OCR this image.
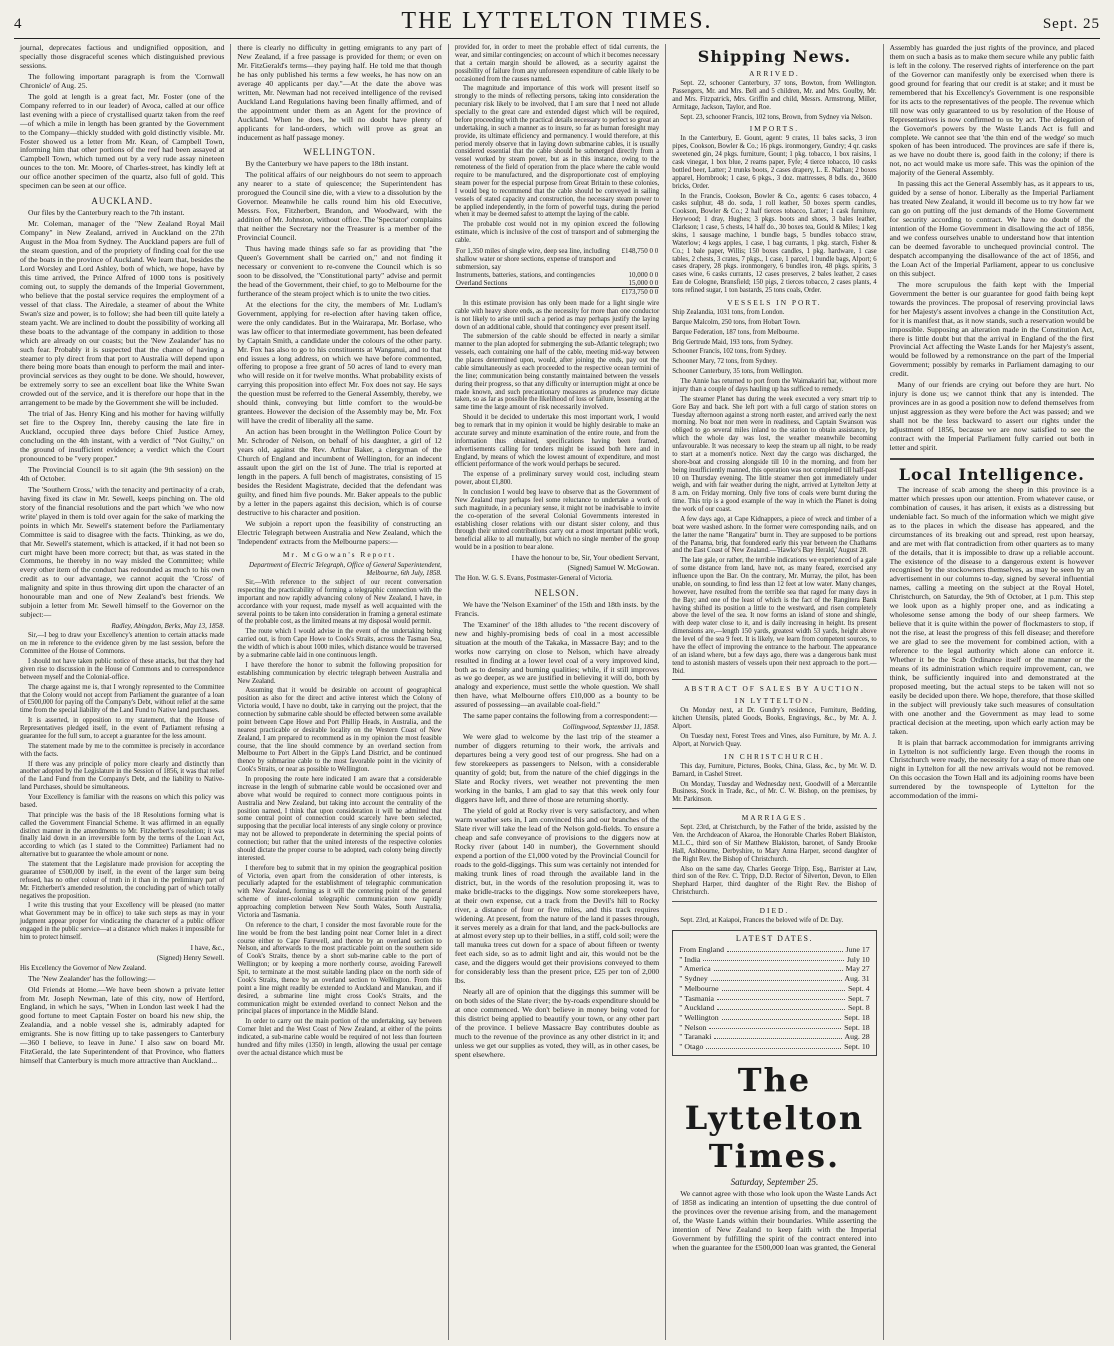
4	THE LYTTELTON TIMES.	Sept. 25

journal, deprecates factious and undignified opposition, and specially those disgraceful scenes which distinguished previous sessions.

The following important paragraph is from the 'Cornwall Chronicle' of Aug. 25.

The gold at length is a great fact, Mr. Foster (one of the Company referred to in our leader) of Avoca, called at our office last evening with a piece of crystallised quartz taken from the reef—of which a mile in length has been granted by the Government to the Company—thickly studded with gold distinctly visible. Mr. Foster showed us a letter from Mr. Kean, of Campbell Town, informing him that other portions of the reef had been assayed at Campbell Town, which turned out by a very rude assay nineteen ounces to the ton. Mr. Moore, of Charles-street, has kindly left at our office another specimen of the quartz, also full of gold. This specimen can be seen at our office.

AUCKLAND.

Our files by the Canterbury reach to the 7th instant.

Mr. Coleman, manager of the "New Zealand Royal Mail Company" in New Zealand, arrived in Auckland on the 27th August in the Moa from Sydney. The Auckland papers are full of the steam question, and of the propriety of finding coal for the use of the boats in the province of Auckland. We learn that, besides the Lord Worsley and Lord Ashley, both of which, we hope, have by this time arrived, the Prince Alfred of 1000 tons is positively coming out, to supply the demands of the Imperial Government, who believe that the postal service requires the employment of a vessel of that class. The Airedale, a steamer of about the White Swan's size and power, is to follow; she had been till quite lately a steam yacht. We are inclined to doubt the possibility of working all these boats to the advantage of the company in addition to those which are already on our coasts; but the 'New Zealander' has no such fear. Probably it is suspected that the chance of having a steamer to ply direct from that port to Australia will depend upon there being more boats than enough to perform the mail and inter-provincial services as they ought to be done. We should, however, be extremely sorry to see an excellent boat like the White Swan crowded out of the service, and it is therefore our hope that in the arrangement to be made by the Government she will be included.

The trial of Jas. Henry King and his mother for having wilfully set fire to the Osprey Inn, thereby causing the late fire in Auckland, occupied three days before Chief Justice Arney, concluding on the 4th instant, with a verdict of "Not Guilty," on the ground of insufficient evidence; a verdict which the Court pronounced to be "very proper."

The Provincial Council is to sit again (the 9th session) on the 4th of October.

The 'Southern Cross,' with the tenacity and pertinacity of a crab, having fixed its claw in Mr. Sewell, keeps pinching on. The old story of the financial resolutions and the part which 'we who now write' played in them is told over again for the sake of marking the points in which Mr. Sewell's statement before the Parliamentary Committee is said to disagree with the facts. Thinking, as we do, that Mr. Sewell's statement, which is attacked, if it had not been so curt might have been more correct; but that, as was stated in the Commons, he thereby in no way misled the Committee; while every other item of the conduct has redounded as much to his own credit as to our advantage, we cannot acquit the 'Cross' of malignity and spite in thus throwing dirt upon the character of an honourable man and one of New Zealand's best friends. We subjoin a letter from Mr. Sewell himself to the Governor on the subject:—

Radley, Abingdon, Berks, May 13, 1858.

Sir,—I beg to draw your Excellency's attention to certain attacks made on me in reference to the evidence given by me last session, before the Committee of the House of Commons.

I should not have taken public notice of these attacks, but that they had given rise to discussion in the House of Commons and to correspondence between myself and the Colonial-office.

The charge against me is, that I wrongly represented to the Committee that the Colony would not accept from Parliament the guarantee of a loan of £500,000 for paying off the Company's Debt, without relief at the same time from the special liability of the Land Fund to Native land purchases.

It is asserted, in opposition to my statement, that the House of Representatives pledged itself, in the event of Parliament refusing a guarantee for the full sum, to accept a guarantee for the less amount.

The statement made by me to the committee is precisely in accordance with the facts.

If there was any principle of policy more clearly and distinctly than another adopted by the Legislature in the Session of 1856, it was that relief of the Land Fund from the Company's Debt, and the liability to Native-land Purchases, should be simultaneous.

Your Excellency is familiar with the reasons on which this policy was based.

That principle was the basis of the 18 Resolutions forming what is called the Government Financial Scheme. It was affirmed in an equally distinct manner in the amendments to Mr. Fitzherbert's resolution; it was finally laid down in an irreversible form by the terms of the Loan Act, according to which (as I stated to the Committee) Parliament had no alternative but to guarantee the whole amount or none.

The statement that the Legislature made provision for accepting the guarantee of £500,000 by itself, in the event of the larger sum being refused, has no other colour of truth in it than in the preliminary part of Mr. Fitzherbert's amended resolution, the concluding part of which totally negatives the proposition.

I write this trusting that your Excellency will be pleased (no matter what Government may be in office) to take such steps as may in your judgment appear proper for vindicating the character of a public officer engaged in the public service—at a distance which makes it impossible for him to protect himself.

I have, &c.,

(Signed) Henry Sewell.

His Excellency the Governor of New Zealand.

The 'New Zealander' has the following:—

Old Friends at Home.—We have been shown a private letter from Mr. Joseph Newman, late of this city, now of Hertford, England, in which he says, "When in London last week I had the good fortune to meet Captain Foster on board his new ship, the Zealandia, and a noble vessel she is, admirably adapted for emigrants. She is now fitting up to take passengers to Canterbury—360 I believe, to leave in June.' I also saw on board Mr. FitzGerald, the late Superintendent of that Province, who flatters himself that Canterbury is much more attractive than Auckland...

there is clearly no difficulty in getting emigrants to any part of New Zealand, if a free passage is provided for them; or even on Mr. FitzGerald's terms—they paying half. He told me that though he has only published his terms a few weeks, he has now on an average 40 applicants per day."—At the date the above was written, Mr. Newman had not received intelligence of the revised Auckland Land Regulations having been finally affirmed, and of the appointment under them as an Agent for the province of Auckland. When he does, he will no doubt have plenty of applicants for land-orders, which will prove as great an inducement as half passage money.

WELLINGTON.

By the Canterbury we have papers to the 18th instant.

The political affairs of our neighbours do not seem to approach any nearer to a state of quiescence; the Superintendent has prorogued the Council sine die, with a view to a dissolution by the Governor. Meanwhile he calls round him his old Executive, Messrs. Fox, Fitzherbert, Brandon, and Woodward, with the addition of Mr. Johnston, without office. The 'Spectator' complains that neither the Secretary nor the Treasurer is a member of the Provincial Council.

Thus having made things safe so far as providing that "the Queen's Government shall be carried on," and not finding it necessary or convenient to re-convene the Council which is so soon to be dissolved, the "Constitutional party" advise and permit the head of the Government, their chief, to go to Melbourne for the furtherance of the steam project which is to unite the two cities.

At the elections for the city, the members of Mr. Ludlam's Government, applying for re-election after having taken office, were the only candidates. But in the Wairarapa, Mr. Borlase, who was law officer to that intermediate government, has been defeated by Captain Smith, a candidate under the colours of the other party. Mr. Fox has also to go to his constituents at Wanganui, and to that end issues a long address, on which we have before commented, offering to propose a free grant of 50 acres of land to every man who will reside on it for twelve months. What probability exists of carrying this proposition into effect Mr. Fox does not say. He says the question must be referred to the General Assembly, thereby, we should think, conveying but little comfort to the would-be grantees. However the decision of the Assembly may be, Mr. Fox will have the credit of liberality all the same.

An action has been brought in the Wellington Police Court by Mr. Schroder of Nelson, on behalf of his daughter, a girl of 12 years old, against the Rev. Arthur Baker, a clergyman of the Church of England and incumbent of Wellington, for an indecent assault upon the girl on the 1st of June. The trial is reported at length in the papers. A full bench of magistrates, consisting of 15 besides the Resident Magistrate, decided that the defendant was guilty, and fined him five pounds. Mr. Baker appeals to the public by a letter in the papers against this decision, which is of course destructive to his character and position.

We subjoin a report upon the feasibility of constructing an Electric Telegraph between Australia and New Zealand, which the 'Independent' extracts from the Melbourne papers:—

Mr. McGowan's Report.

Department of Electric Telegraph, Office of General Superintendent, Melbourne, 6th July, 1858.

Sir,—With reference to the subject of our recent conversation respecting the practicability of forming a telegraphic connection with the important and now rapidly advancing colony of New Zealand, I have, in accordance with your request, made myself as well acquainted with the several points to be taken into consideration in framing a general estimate of the probable cost, as the limited means at my disposal would permit.

The route which I would advise in the event of the undertaking being carried out, is from Cape Howe to Cook's Straits, across the Tasman Sea, the width of which is about 1000 miles, which distance would be traversed by a submarine cable laid in one continuous length.

I have therefore the honor to submit the following proposition for establishing communication by electric telegraph between Australia and New Zealand.

Assuming that it would be desirable on account of geographical position as also for the direct and active interest which the Colony of Victoria would, I have no doubt, take in carrying out the project, that the connection by submarine cable should be effected between some available point between Cape Howe and Port Phillip Heads, in Australia, and the nearest practicable or desirable locality on the Western Coast of New Zealand, I am prepared to recommend as in my opinion the most feasible course, that the line should commence by an overland section from Melbourne to Port Albert in the Gipp's Land District, and be continued thence by submarine cable to the most favorable point in the vicinity of Cook's Straits, or near as possible to Wellington.

In proposing the route here indicated I am aware that a considerable increase in the length of submarine cable would be occasioned over and above what would be required to connect more contiguous points in Australia and New Zealand, but taking into account the centrality of the position named, I think that upon consideration it will be admitted that some central point of connection could scarcely have been selected, supposing that the peculiar local interests of any single colony or province may not be allowed to preponderate in determining the special points of connection; but rather that the united interests of the respective colonies should dictate the proper course to be adopted, each colony being directly interested.

I therefore beg to submit that in my opinion the geographical position of Victoria, even apart from the consideration of other interests, is peculiarly adapted for the establishment of telegraphic communication with New Zealand, forming as it will the centering point of the general scheme of inter-colonial telegraphic communication now rapidly approaching completion between New South Wales, South Australia, Victoria and Tasmania.

On reference to the chart, I consider the most favorable route for the line would be from the best landing point near Corner Inlet in a direct course either to Cape Farewell, and thence by an overland section to Nelson, and afterwards to the most practicable point on the southern side of Cook's Straits, thence by a short sub-marine cable to the port of Wellington; or by keeping a more northerly course, avoiding Farewell Spit, to terminate at the most suitable landing place on the north side of Cook's Straits, thence by an overland section to Wellington. From this point a line might readily be extended to Auckland and Manukau, and if desired, a submarine line might cross Cook's Straits, and the communication might be extended overland to connect Nelson and the principal places of importance in the Middle Island.

In order to carry out the main portion of the undertaking, say between Corner Inlet and the West Coast of New Zealand, at either of the points indicated, a sub-marine cable would be required of not less than fourteen hundred and fifty miles (1350) in length, allowing the usual per centage over the actual distance which must be

provided for, in order to meet the probable effect of tidal currents, the wear, and similar contingencies; on account of which it becomes necessary that a certain margin should be allowed, as a security against the possibility of failure from any unforeseen expenditure of cable likely to be occasioned from the causes named.

The magnitude and importance of this work will present itself so strongly to the minds of reflecting persons, taking into consideration the pecuniary risk likely to be involved, that I am sure that I need not allude specially to the great care and extended digest which will be required, before proceeding with the practical details necessary to perfect so great an undertaking, in such a manner as to insure, so far as human foresight may provide, its ultimate efficiency and permanency. I would therefore, at this period merely observe that in laying down submarine cables, it is usually considered essential that the cable should be submerged directly from a vessel worked by steam power, but as in this instance, owing to the remoteness of the field of operation from the place where the cable would require to be manufactured, and the disproportionate cost of employing steam power for the especial purpose from Great Britain to these colonies, I would beg to recommend that the cable should be conveyed in sailing vessels of stated capacity and construction, the necessary steam power to be applied independently, in the form of powerful tugs, during the period when it may be deemed safest to attempt the laying of the cable.

The probable cost would not in my opinion exceed the following estimate, which is inclusive of the cost of transport and of submerging the cable.

For 1,350 miles of single wire, deep sea line, including shallow water or shore sections, expense of transport and submersion, say	£148,750 0 0
Instruments, batteries, stations, and contingencies	10,000 0 0
Overland Sections	15,000 0 0
	£173,750 0 0

In this estimate provision has only been made for a light single wire cable with heavy shore ends, as the necessity for more than one conductor is not likely to arise until such a period as may perhaps justify the laying down of an additional cable, should that contingency ever present itself.

The submersion of the cable should be effected in nearly a similar manner to the plan adopted for submerging the sub-Atlantic telegraph; two vessels, each containing one half of the cable, meeting mid-way between the places determined upon, would, after joining the ends, pay out the cable simultaneously as each proceeded to the respective ocean termini of the line; communication being constantly maintained between the vessels during their progress, so that any difficulty or interruption might at once be made known, and such precautionary measures as prudence may dictate taken, so as far as possible the likelihood of loss or failure, lessening at the same time the large amount of risk necessarily involved.

Should it be decided to undertake this most important work, I would beg to remark that in my opinion it would be highly desirable to make an accurate survey and minute examination of the entire route, and from the information thus obtained, specifications having been framed, advertisements calling for tenders might be issued both here and in England, by means of which the lowest amount of expenditure, and most efficient performance of the work would perhaps be secured.

The expense of a preliminary survey would cost, including steam power, about £1,800.

In conclusion I would beg leave to observe that as the Government of New Zealand may perhaps feel some reluctance to undertake a work of such magnitude, in a pecuniary sense, it might not be inadvisable to invite the co-operation of the several Colonial Governments interested in establishing closer relations with our distant sister colony, and thus through their united contributions carry out a most important public work, beneficial alike to all mutually, but which no single member of the group would be in a position to bear alone.

I have the honour to be, Sir, Your obedient Servant,

(Signed) Samuel W. McGowan.

The Hon. W. G. S. Evans, Postmaster-General of Victoria.

NELSON.

We have the 'Nelson Examiner' of the 15th and 18th insts. by the Francis.

The 'Examiner' of the 18th alludes to "the recent discovery of new and highly-promising beds of coal in a most accessible situation at the mouth of the Takaka, in Massacre Bay; and to the works now carrying on close to Nelson, which have already resulted in finding at a lower level coal of a very improved kind, both as to density and burning qualities; while, if it still improves as we go deeper, as we are justified in believing it will do, both by analogy and experience, must settle the whole question. We shall then have, what Melbourne offers £10,000 as a bounty to be assured of possessing—an available coal-field."

The same paper contains the following from a correspondent:—

Collingwood, September 11, 1858.

We were glad to welcome by the last trip of the steamer a number of diggers returning to their work, the arrivals and departures being a very good test of our progress. She had on a few storekeepers as passengers to Nelson, with a considerable quantity of gold; but, from the nature of the chief diggings in the Slate and Rocky rivers, wet weather not preventing the men working in the banks, I am glad to say that this week only four diggers have left, and three of those are returning shortly.

The yield of gold at Rocky river is very satisfactory, and when warm weather sets in, I am convinced this and our branches of the Slate river will take the lead of the Nelson gold-fields. To ensure a cheap and safe conveyance of provisions to the diggers now at Rocky river (about 140 in number), the Government should expend a portion of the £1,000 voted by the Provincial Council for roads to the gold-diggings. This sum was certainly not intended for making trunk lines of road through the available land in the district, but, in the words of the resolution proposing it, was to make bridle-tracks to the diggings. Now some storekeepers have, at their own expense, cut a track from the Devil's hill to Rocky river, a distance of four or five miles, and this track requires widening. At present, from the nature of the land it passes through, it serves merely as a drain for that land, and the pack-bullocks are at almost every step up to their bellies, in a stiff, cold soil; were the tall manuka trees cut down for a space of about fifteen or twenty feet each side, so as to admit light and air, this would not be the case, and the diggers would get their provisions conveyed to them for considerably less than the present price, £25 per ton of 2,000 lbs.

Nearly all are of opinion that the diggings this summer will be on both sides of the Slate river; the by-roads expenditure should be at once commenced. We don't believe in money being voted for this district being applied to beautify your town, or any other part of the province. I believe Massacre Bay contributes double as much to the revenue of the province as any other district in it; and unless we get our supplies as voted, they will, as in other cases, be spent elsewhere.

Shipping News.
ARRIVED.

Sept. 22, schooner Canterbury, 37 tons, Bowton, from Wellington. Passengers, Mr. and Mrs. Bell and 5 children, Mr. and Mrs. Goulby, Mr. and Mrs. Fitzpatrick, Mrs. Griffin and child, Messrs. Armstrong, Miller, Armitage, Jackson, Taylor, and Roe.

Sept. 23, schooner Francis, 102 tons, Brown, from Sydney via Nelson.

IMPORTS.

In the Canterbury, E. Gount, agent: 9 crates, 11 bales sacks, 3 iron pipes, Cookson, Bowler & Co.; 16 pkgs. ironmongery, Gundry; 4 qr. casks sweetened gin, 24 pkgs. furniture, Gount; 1 pkg. tobacco, 1 box raisins, 1 cask vinegar, 1 box blue, 2 reams paper, Fyfe; 4 tierce tobacco, 10 casks bottled beer, Latter; 2 trunks boots, 2 cases drapery, L. E. Nathan; 2 boxes apparel, Hornbrook; 1 case, 6 pkgs., 3 doz. mattresses, 8 bdls. do., 3600 bricks, Order.

In the Francis, Cookson, Bowler & Co., agents: 6 cases tobacco, 4 casks sulphur, 48 do. soda, 1 roll leather, 50 boxes sperm candles, Cookson, Bowler & Co.; 2 half tierces tobacco, Latter; 1 cask furniture, Heywood; 1 dray, Hughes; 3 pkgs. boots and shoes, 3 bales leather, Clarkson; 1 case, 5 chests, 14 half do., 30 boxes tea, Gould & Miles; 1 keg skins, 1 sausage machine, 1 bundle bags, 5 bundles tobacco straw, Waterlow; 4 kegs apples, 1 case, 1 bag currants, 1 pkg. starch, Fisher & Co.; 1 bale paper, Willis; 150 boxes candles, 1 pkg. hardware, 1 case tables, 2 chests, 3 crates, 7 pkgs., 1 case, 1 parcel, 1 bundle bags, Alport; 6 cases drapery, 28 pkgs. ironmongery, 6 bundles iron, 48 pkgs. spirits, 3 cases wine, 6 casks currants, 12 cases preserves, 2 bales leather, 2 cases Eau de Cologne, Bransfield; 150 pigs, 2 tierces tobacco, 2 cases plants, 4 tons refined sugar, 1 ton bastards, 25 tons coals, Order.

VESSELS IN PORT.

Ship Zealandia, 1031 tons, from London.

Barque Malcolm, 250 tons, from Hobart Town.

Barque Federation, 187 tons, from Melbourne.

Brig Gertrude Maid, 193 tons, from Sydney.

Schooner Francis, 102 tons, from Sydney.

Schooner Mary, 72 tons, from Sydney.

Schooner Canterbury, 35 tons, from Wellington.

The Annie has returned to port from the Waimakariri bar, without more injury than a couple of days hauling up has sufficed to remedy.

The steamer Planet has during the week executed a very smart trip to Gore Bay and back. She left port with a full cargo of station stores on Tuesday afternoon against a strong north easter, and arrived early the next morning. No boat nor men were in readiness, and Captain Swanson was obliged to go several miles inland to the station to obtain assistance, by which the whole day was lost, the weather meanwhile becoming unfavourable. It was necessary to keep the steam up all night, to be ready to start at a moment's notice. Next day the cargo was discharged, the shore-boat and crossing alongside till 10 in the morning, and from her being insufficiently manned, this operation was not completed till half-past 10 on Thursday evening. The little steamer then got immediately under weigh, and with fair weather during the night, arrived at Lyttelton Jetty at 8 a.m. on Friday morning. Only five tons of coals were burnt during the time. This trip is a good example of the way in which the Planet is doing the work of our coast.

A few days ago, at Cape Kidnappers, a piece of wreck and timber of a boat were washed ashore. In the former were corresponding nails, and on the latter the name "Rangatira" burnt in. They are supposed to be portions of the Panama, brig, that foundered early this year between the Chathams and the East Coast of New Zealand.—'Hawke's Bay Herald,' August 28.

The late gale, or rather, the terrible indications we experienced of a gale of some distance from land, have not, as many feared, exercised any influence upon the Bar. On the contrary, Mr. Murray, the pilot, has been unable, on sounding, to find less than 12 feet at low water. Many changes, however, have resulted from the terrible sea that raged for many days in the Bay; and one of the least of which is the fact of the Rangitera Bank having shifted its position a little to the westward, and risen completely above the level of the sea. It now forms an island of stone and shingle, with deep water close to it, and is daily increasing in height. Its present dimensions are,—length 150 yards, greatest width 53 yards, height above the level of the sea 9 feet. It is likely, we learn from competent sources, to have the effect of improving the entrance to the harbour. The appearance of an island where, but a few days ago, there was a dangerous bank must tend to astonish masters of vessels upon their next approach to the port.—Ibid.

ABSTRACT OF SALES BY AUCTION.
IN LYTTELTON.

On Monday next, at Dr. Gundry's residence, Furniture, Bedding, kitchen Utensils, plated Goods, Books, Engravings, &c., by Mr. A. J. Alport.

On Tuesday next, Forest Trees and Vines, also Furniture, by Mr. A. J. Alport, at Norwich Quay.

IN CHRISTCHURCH.

This day, Furniture, Pictures, Books, China, Glass, &c., by Mr. W. D. Barnard, in Cashel Street.

On Monday, Tuesday and Wednesday next, Goodwill of a Mercantile Business, Stock in Trade, &c., of Mr. C. W. Bishop, on the premises, by Mr. Parkinson.

MARRIAGES.

Sept. 23rd, at Christchurch, by the Father of the bride, assisted by the Ven. the Archdeacon of Akaroa, the Honorable Charles Robert Blakiston, M.L.C., third son of Sir Matthew Blakiston, baronet, of Sandy Brooke Hall, Ashbourne, Derbyshire, to Mary Anna Harper, second daughter of the Right Rev. the Bishop of Christchurch.

Also on the same day, Charles George Tripp, Esq., Barrister at Law, third son of the Rev. C. Tripp, D.D. Rector of Silverton, Devon, to Ellen Shephard Harper, third daughter of the Right Rev. the Bishop of Christchurch.

DIED.

Sept. 23rd, at Kaiapoi, Frances the beloved wife of Dr. Day.

LATEST DATES.
From England	June 17
" India	July 10
" America	May 27
" Sydney	Aug. 31
" Melbourne	Sept. 4
" Tasmania	Sept. 7
" Auckland	Sept. 8
" Wellington	Sept. 18
" Nelson	Sept. 18
" Taranaki	Aug. 28
" Otago	Sept. 10
The Lyttelton Times.
Saturday, September 25.

We cannot agree with those who look upon the Waste Lands Act of 1858 as indicating an intention of upsetting the due control of the provinces over the revenue arising from, and the management of, the Waste Lands within their boundaries. While asserting the intention of New Zealand to keep faith with the Imperial Government by fulfilling the spirit of the contract entered into when the guarantee for the £500,000 loan was granted, the General

Assembly has guarded the just rights of the province, and placed them on such a basis as to make them secure while any public faith is left in the colony. The reserved rights of interference on the part of the Governor can manifestly only be exercised when there is good ground for fearing that our credit is at stake; and it must be remembered that his Excellency's Government is one responsible for its acts to the representatives of the people. The revenue which till now was only guaranteed to us by resolution of the House of Representatives is now confirmed to us by act. The delegation of the Governor's powers by the Waste Lands Act is full and complete. We cannot see that 'the thin end of the wedge' so much spoken of has been introduced. The provinces are safe if there is, as we have no doubt there is, good faith in the colony; if there is not, no act would make us more safe. This was the opinion of the majority of the General Assembly.

In passing this act the General Assembly has, as it appears to us, guided by a sense of honor. Liberally as the Imperial Parliament has treated New Zealand, it would ill become us to try how far we can go on putting off the just demands of the Home Government for security according to contract. We have no doubt of the intention of the Home Government in disallowing the act of 1856, and we confess ourselves unable to understand how that intention can be deemed favorable to unchequed provincial control. The despatch accompanying the disallowance of the act of 1856, and the Loan Act of the Imperial Parliament, appear to us conclusive on this subject.

The more scrupulous the faith kept with the Imperial Government the better is our guarantee for good faith being kept towards the provinces. The proposal of reserving provincial laws for her Majesty's assent involves a change in the Constitution Act, for it is manifest that, as it now stands, such a reservation would be impossible. Supposing an alteration made in the Constitution Act, there is little doubt but that the arrival in England of the the first Provincial Act affecting the Waste Lands for her Majesty's assent, would be followed by a remonstrance on the part of the Imperial Government; possibly by remarks in Parliament damaging to our credit.

Many of our friends are crying out before they are hurt. No injury is done us; we cannot think that any is intended. The provinces are in as good a position now to defend themselves from unjust aggression as they were before the Act was passed; and we shall not be the less backward to assert our rights under the adjustment of 1856, because we are now satisfied to see the contract with the Imperial Parliament fully carried out both in letter and spirit.

Local Intelligence.

The increase of scab among the sheep in this province is a matter which presses upon our attention. From whatever cause, or combination of causes, it has arisen, it exists as a distressing but undeniable fact. So much of the information which we might give as to the places in which the disease has appeared, and the circumstances of its breaking out and spread, rest upon hearsay, and are met with flat contradiction from other quarters as to many of the details, that it is impossible to draw up a reliable account. The existence of the disease to a dangerous extent is however recognised by the stockowners themselves, as may be seen by an advertisement in our columns to-day, signed by several influential names, calling a meeting on the subject at the Royal Hotel, Christchurch, on Saturday, the 9th of October, at 1 p.m. This step we look upon as a highly proper one, and as indicating a wholesome sense among the body of our sheep farmers. We believe that it is quite within the power of flockmasters to stop, if not the rise, at least the progress of this fell disease; and therefore we are glad to see the movement for combined action, with a reference to the legal authority which alone can enforce it. Whether it be the Scab Ordinance itself or the manner or the means of its administration which require improvement, can, we think, be sufficiently inquired into and demonstrated at the proposed meeting, but the actual steps to be taken will not so easily be decided upon there. We hope, therefore, that those skilled in the subject will previously take such measures of consultation with one another and the Government as may lead to some practical decision at the meeting, upon which early action may be taken.

It is plain that barrack accommodation for immigrants arriving in Lyttelton is not sufficiently large. Even though the rooms in Christchurch were ready, the necessity for a stay of more than one night in Lyttelton for all the new arrivals would not be removed. On this occasion the Town Hall and its adjoining rooms have been surrendered by the townspeople of Lyttelton for the accommodation of the immi-
